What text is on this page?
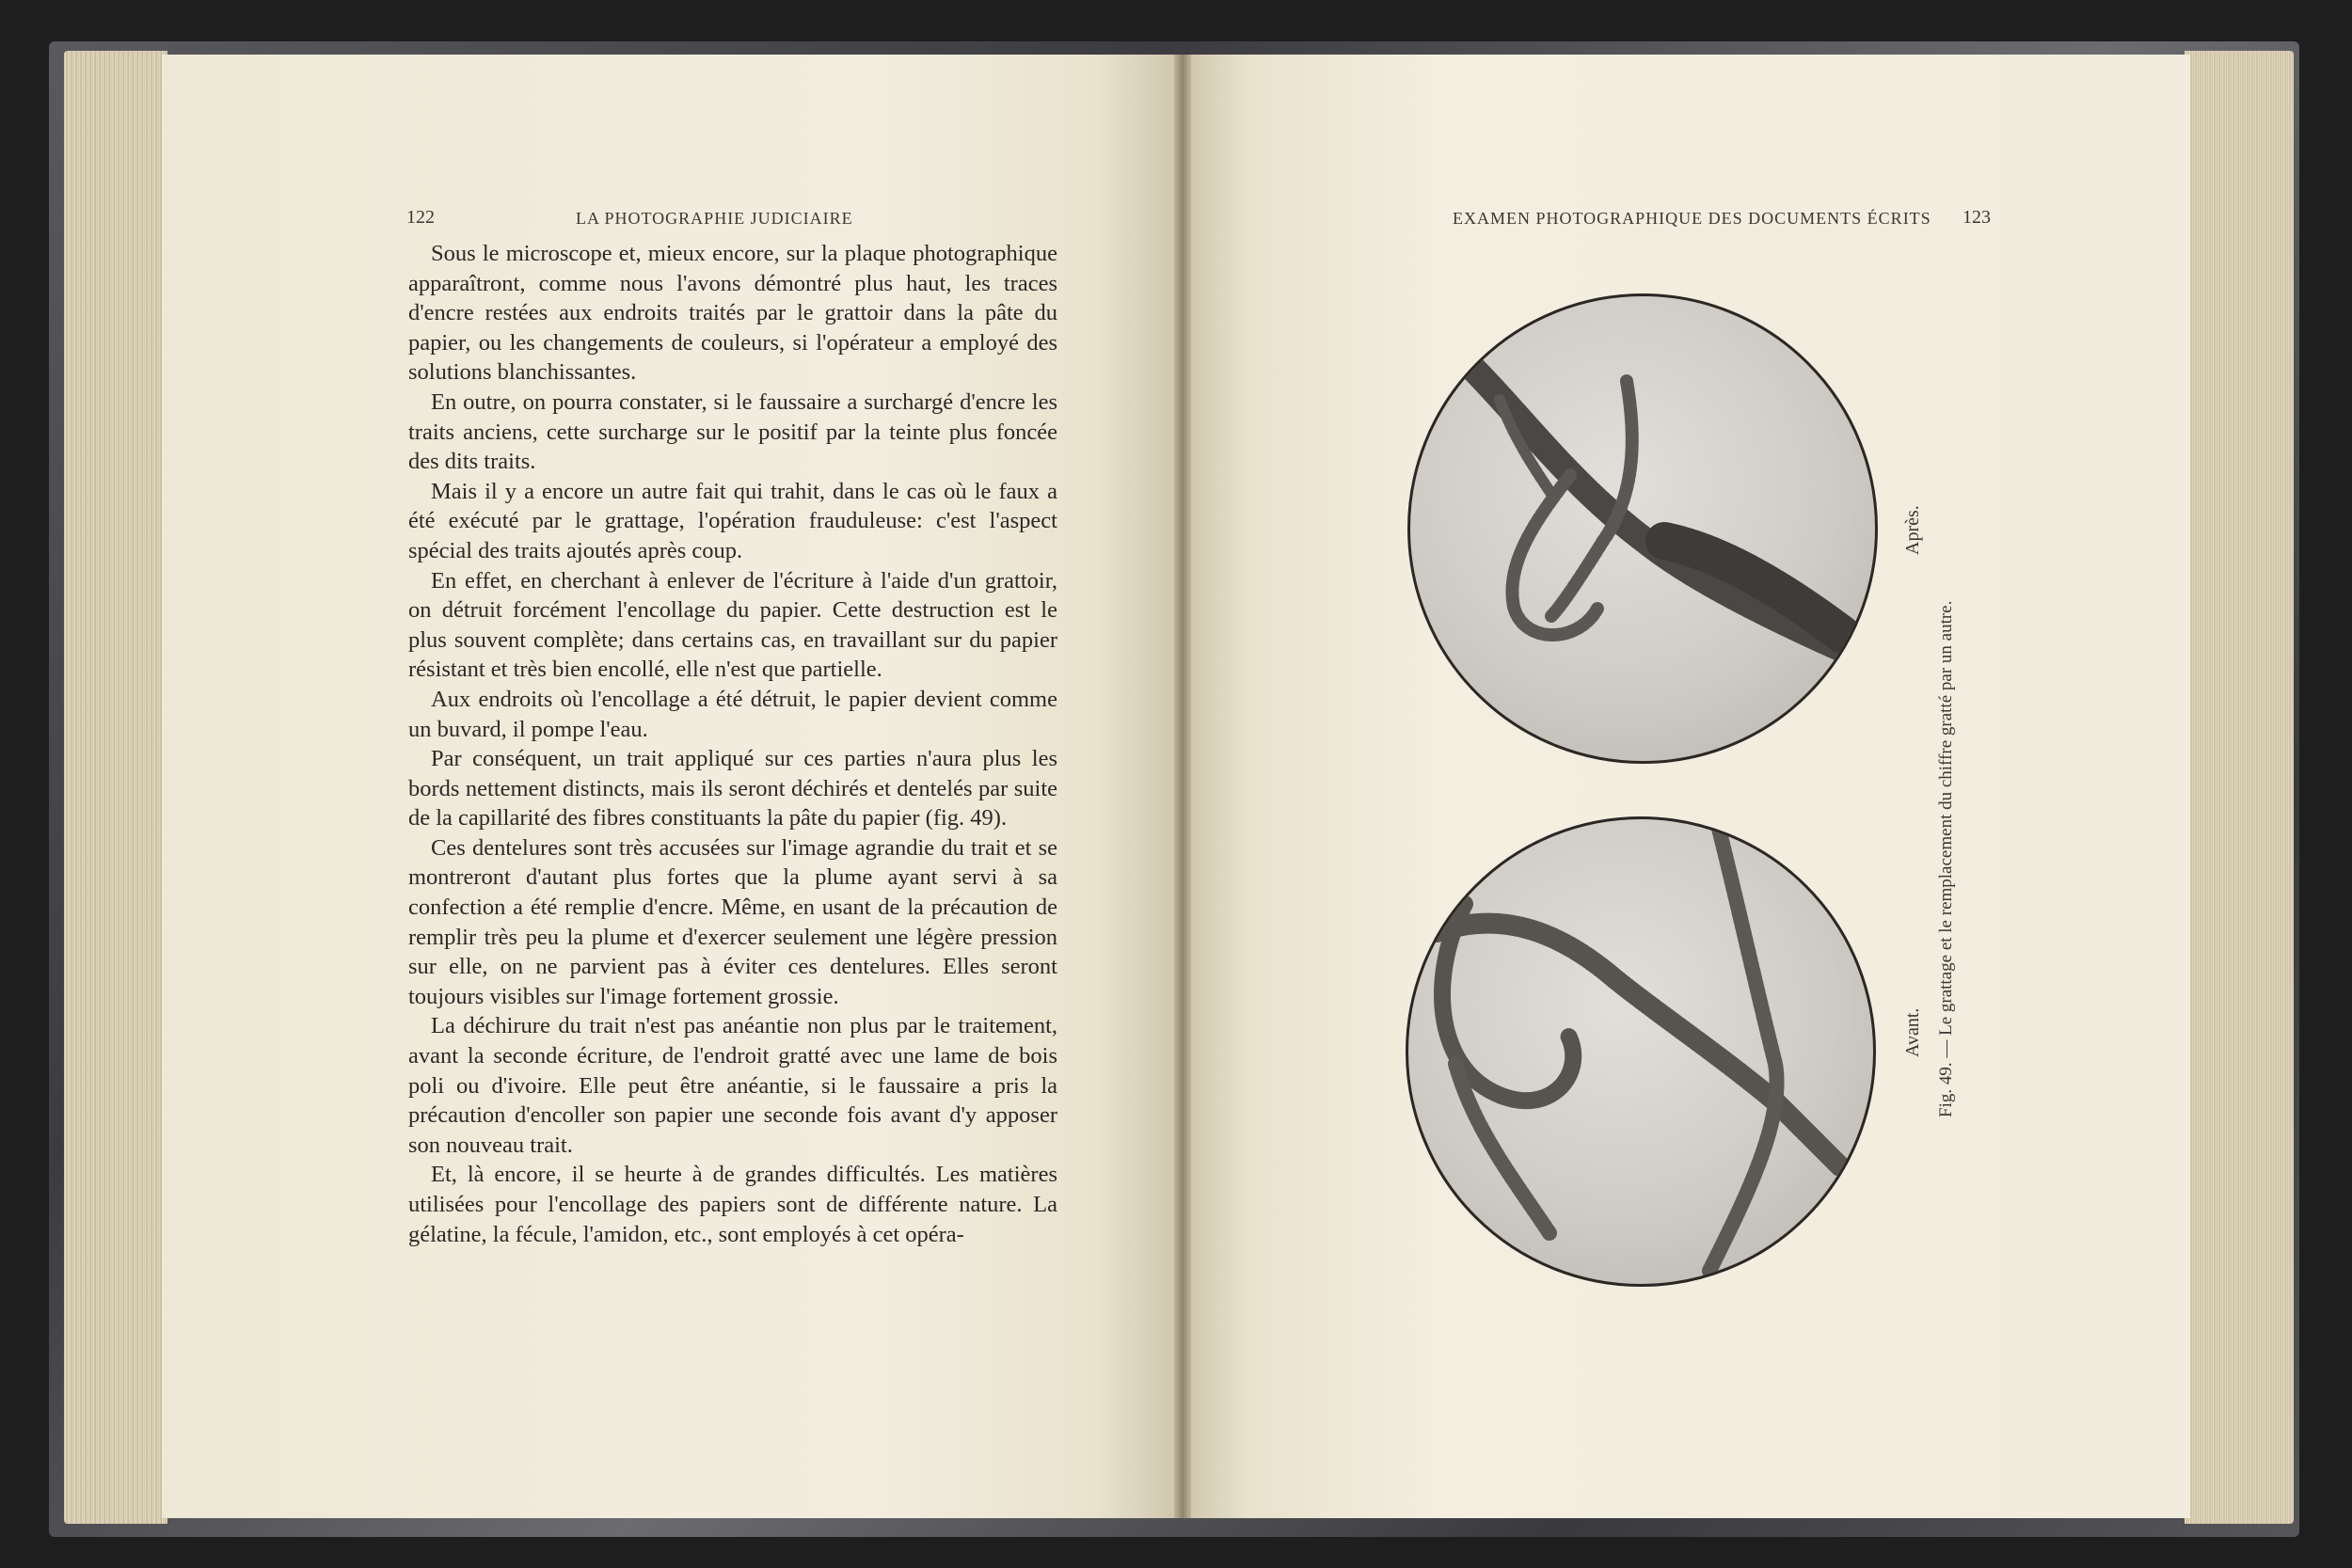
122	LA PHOTOGRAPHIE JUDICIAIRE

Sous le microscope et, mieux encore, sur la plaque photographique apparaîtront, comme nous l'avons démontré plus haut, les traces d'encre restées aux endroits traités par le grattoir dans la pâte du papier, ou les changements de couleurs, si l'opérateur a employé des solutions blanchissantes.

En outre, on pourra constater, si le faussaire a surchargé d'encre les traits anciens, cette surcharge sur le positif par la teinte plus foncée des dits traits.

Mais il y a encore un autre fait qui trahit, dans le cas où le faux a été exécuté par le grattage, l'opération frauduleuse: c'est l'aspect spécial des traits ajoutés après coup.

En effet, en cherchant à enlever de l'écriture à l'aide d'un grattoir, on détruit forcément l'encollage du papier. Cette destruction est le plus souvent complète; dans certains cas, en travaillant sur du papier résistant et très bien encollé, elle n'est que partielle.

Aux endroits où l'encollage a été détruit, le papier devient comme un buvard, il pompe l'eau.

Par conséquent, un trait appliqué sur ces parties n'aura plus les bords nettement distincts, mais ils seront déchirés et dentelés par suite de la capillarité des fibres constituants la pâte du papier (fig. 49).

Ces dentelures sont très accusées sur l'image agrandie du trait et se montreront d'autant plus fortes que la plume ayant servi à sa confection a été remplie d'encre. Même, en usant de la précaution de remplir très peu la plume et d'exercer seulement une légère pression sur elle, on ne parvient pas à éviter ces dentelures. Elles seront toujours visibles sur l'image fortement grossie.

La déchirure du trait n'est pas anéantie non plus par le traitement, avant la seconde écriture, de l'endroit gratté avec une lame de bois poli ou d'ivoire. Elle peut être anéantie, si le faussaire a pris la précaution d'encoller son papier une seconde fois avant d'y apposer son nouveau trait.

Et, là encore, il se heurte à de grandes difficultés. Les matières utilisées pour l'encollage des papiers sont de différente nature. La gélatine, la fécule, l'amidon, etc., sont employés à cet opéra-

EXAMEN PHOTOGRAPHIQUE DES DOCUMENTS ÉCRITS 123
Après.
Avant. Fig. 49. — Le grattage et le remplacement du chiffre gratté par un autre.
